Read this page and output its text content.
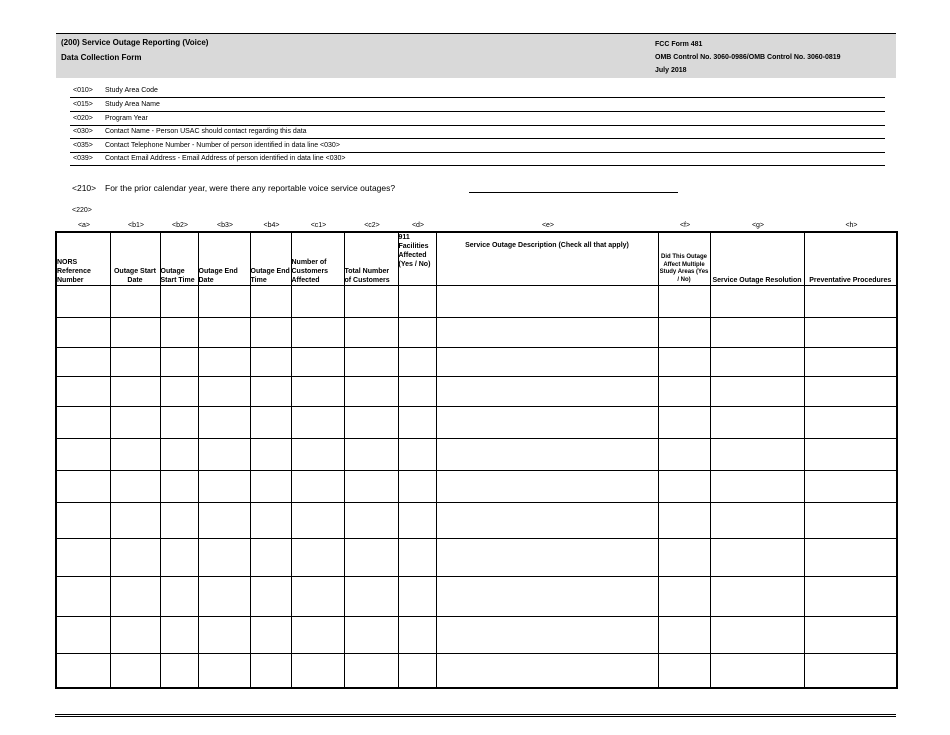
(200) Service Outage Reporting (Voice)
Data Collection Form
FCC Form 481
OMB Control No. 3060-0986/OMB Control No. 3060-0819
July 2018
<010> Study Area Code
<015> Study Area Name
<020> Program Year
<030> Contact Name - Person USAC should contact regarding this data
<035> Contact Telephone Number - Number of person identified in data line <030>
<039> Contact Email Address - Email Address of person identified in data line <030>
<210> For the prior calendar year, were there any reportable voice service outages?
<220>
<a>	<b1>	<b2>	<b3>	<b4>	<c1>	<c2>	<d>	<e>	<f>	<g>	<h>
NORS Reference Number	Outage Start Date	Outage Start Time	Outage End Date	Outage End Time	Number of Customers Affected	Total Number of Customers	911 Facilities Affected (Yes / No)	Service Outage Description (Check all that apply)	Did This Outage Affect Multiple Study Areas (Yes / No)	Service Outage Resolution	Preventative Procedures
